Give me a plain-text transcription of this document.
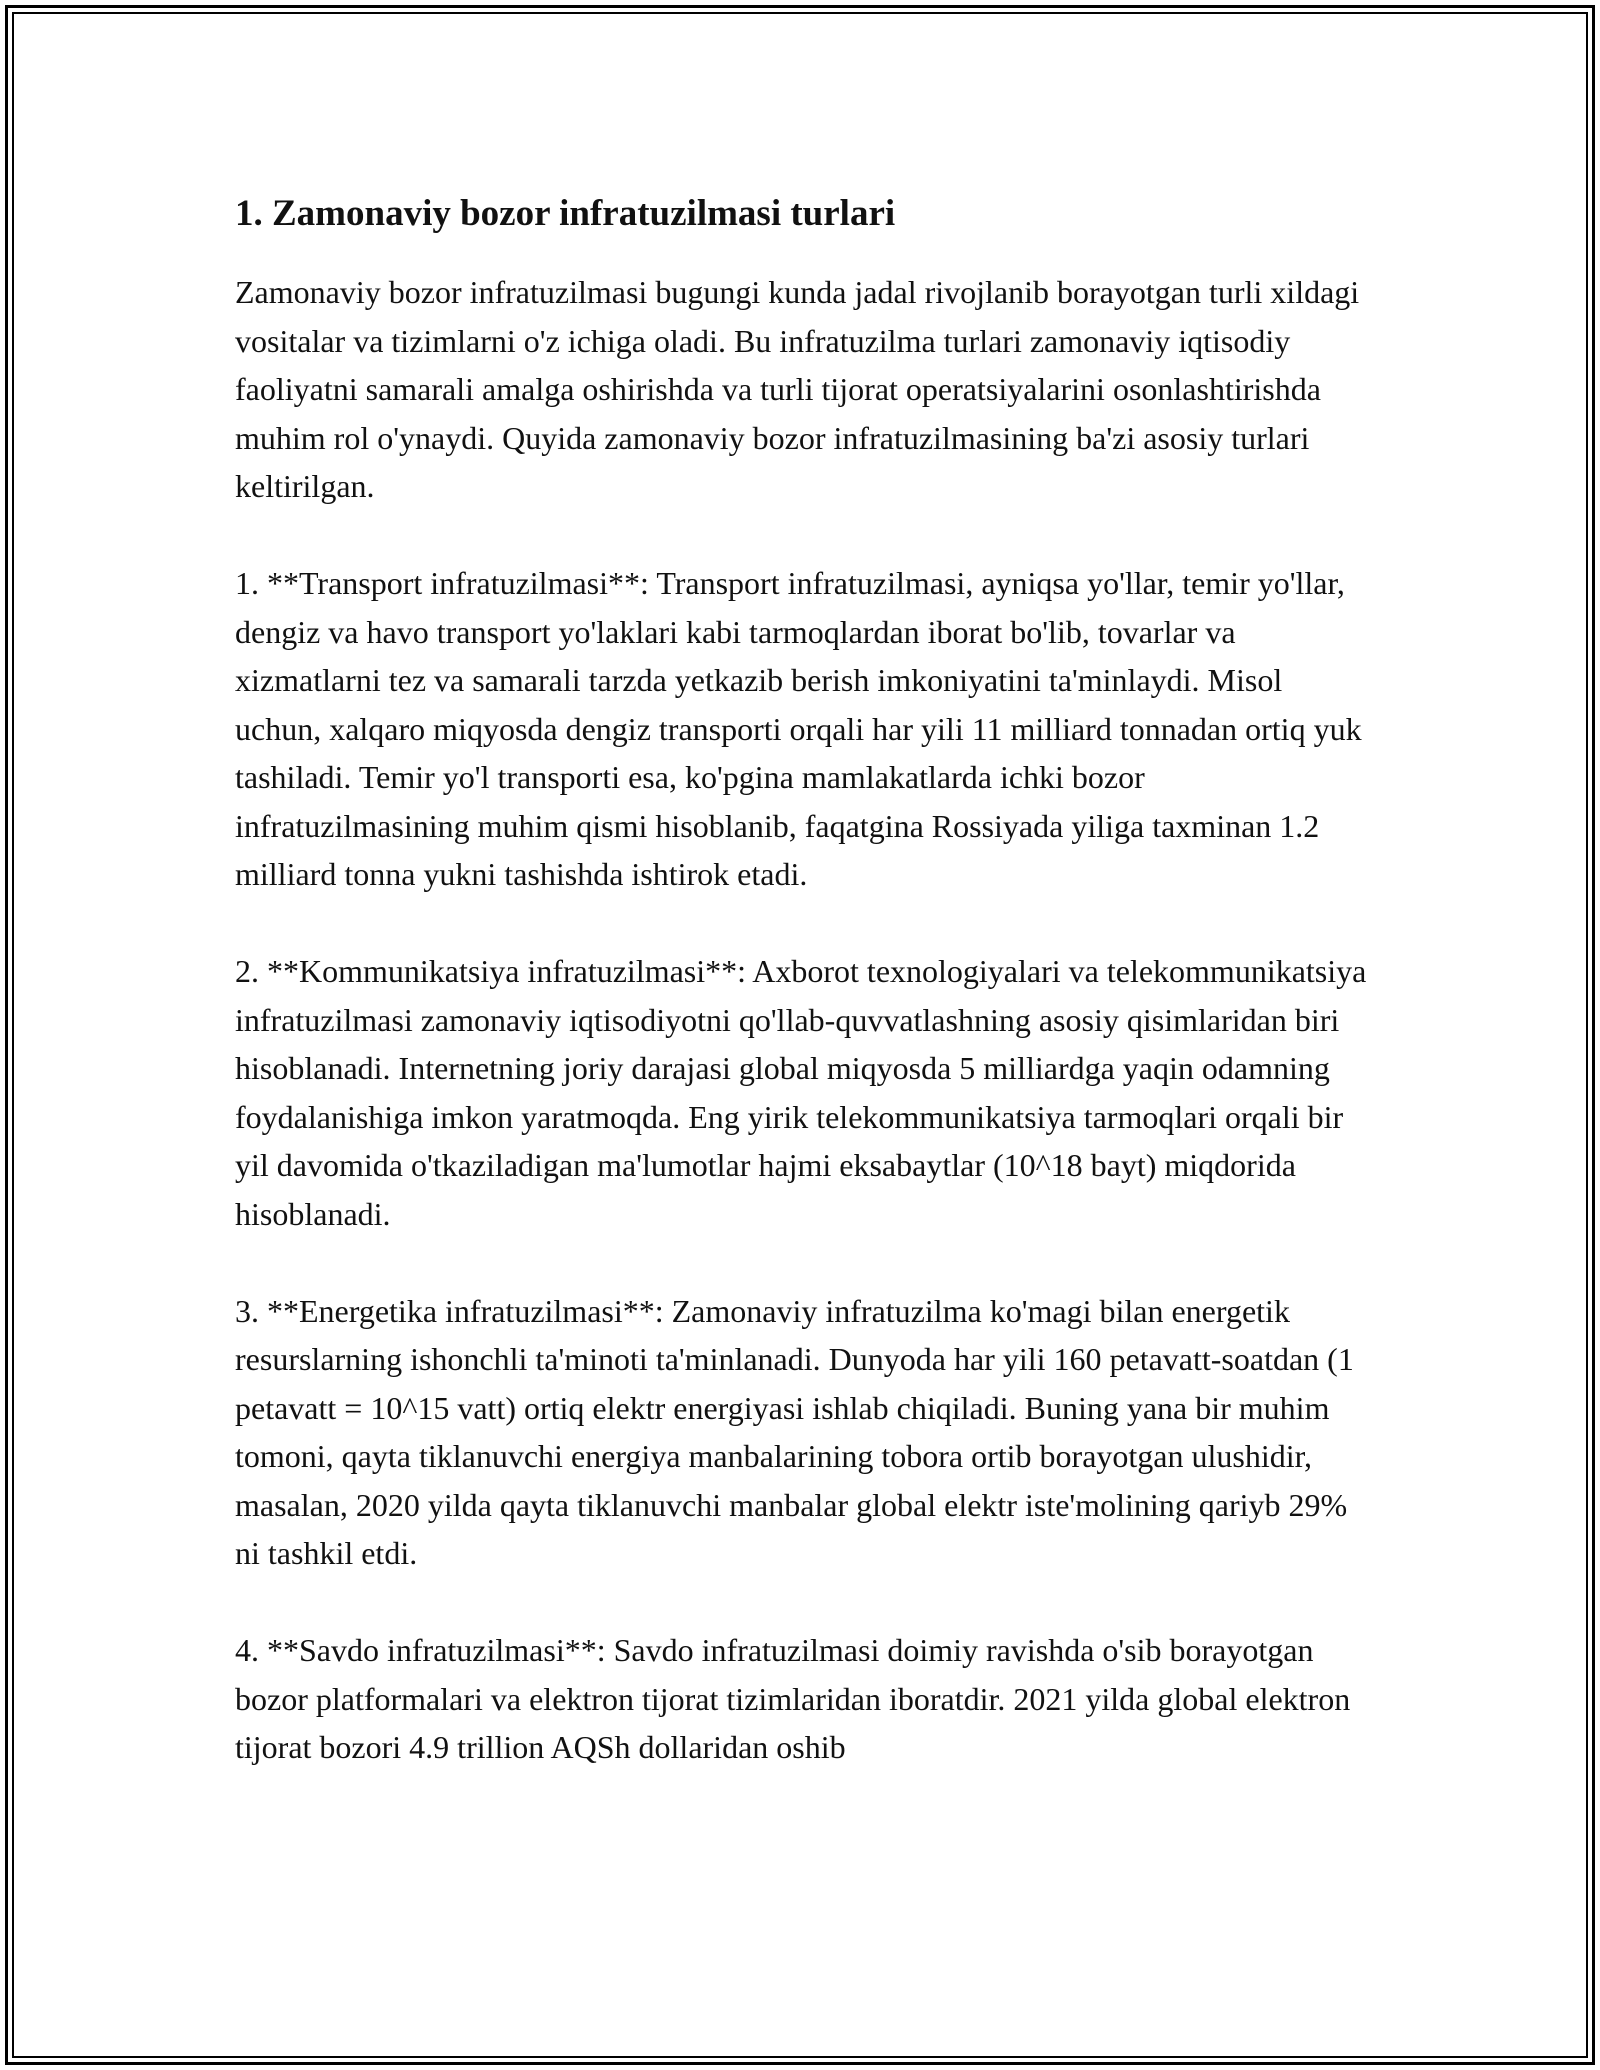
1. Zamonaviy bozor infratuzilmasi turlari

Zamonaviy bozor infratuzilmasi bugungi kunda jadal rivojlanib borayotgan turli xildagi vositalar va tizimlarni o'z ichiga oladi. Bu infratuzilma turlari zamonaviy iqtisodiy faoliyatni samarali amalga oshirishda va turli tijorat operatsiyalarini osonlashtirishda muhim rol o'ynaydi. Quyida zamonaviy bozor infratuzilmasining ba'zi asosiy turlari keltirilgan.

1. **Transport infratuzilmasi**: Transport infratuzilmasi, ayniqsa yo'llar, temir yo'llar, dengiz va havo transport yo'laklari kabi tarmoqlardan iborat bo'lib, tovarlar va xizmatlarni tez va samarali tarzda yetkazib berish imkoniyatini ta'minlaydi. Misol uchun, xalqaro miqyosda dengiz transporti orqali har yili 11 milliard tonnadan ortiq yuk tashiladi. Temir yo'l transporti esa, ko'pgina mamlakatlarda ichki bozor infratuzilmasining muhim qismi hisoblanib, faqatgina Rossiyada yiliga taxminan 1.2 milliard tonna yukni tashishda ishtirok etadi.

2. **Kommunikatsiya infratuzilmasi**: Axborot texnologiyalari va telekommunikatsiya infratuzilmasi zamonaviy iqtisodiyotni qo'llab-quvvatlashning asosiy qisimlaridan biri hisoblanadi. Internetning joriy darajasi global miqyosda 5 milliardga yaqin odamning foydalanishiga imkon yaratmoqda. Eng yirik telekommunikatsiya tarmoqlari orqali bir yil davomida o'tkaziladigan ma'lumotlar hajmi eksabaytlar (10^18 bayt) miqdorida hisoblanadi.

3. **Energetika infratuzilmasi**: Zamonaviy infratuzilma ko'magi bilan energetik resurslarning ishonchli ta'minoti ta'minlanadi. Dunyoda har yili 160 petavatt-soatdan (1 petavatt = 10^15 vatt) ortiq elektr energiyasi ishlab chiqiladi. Buning yana bir muhim tomoni, qayta tiklanuvchi energiya manbalarining tobora ortib borayotgan ulushidir, masalan, 2020 yilda qayta tiklanuvchi manbalar global elektr iste'molining qariyb 29% ni tashkil etdi.

4. **Savdo infratuzilmasi**: Savdo infratuzilmasi doimiy ravishda o'sib borayotgan bozor platformalari va elektron tijorat tizimlaridan iboratdir. 2021 yilda global elektron tijorat bozori 4.9 trillion AQSh dollaridan oshib
